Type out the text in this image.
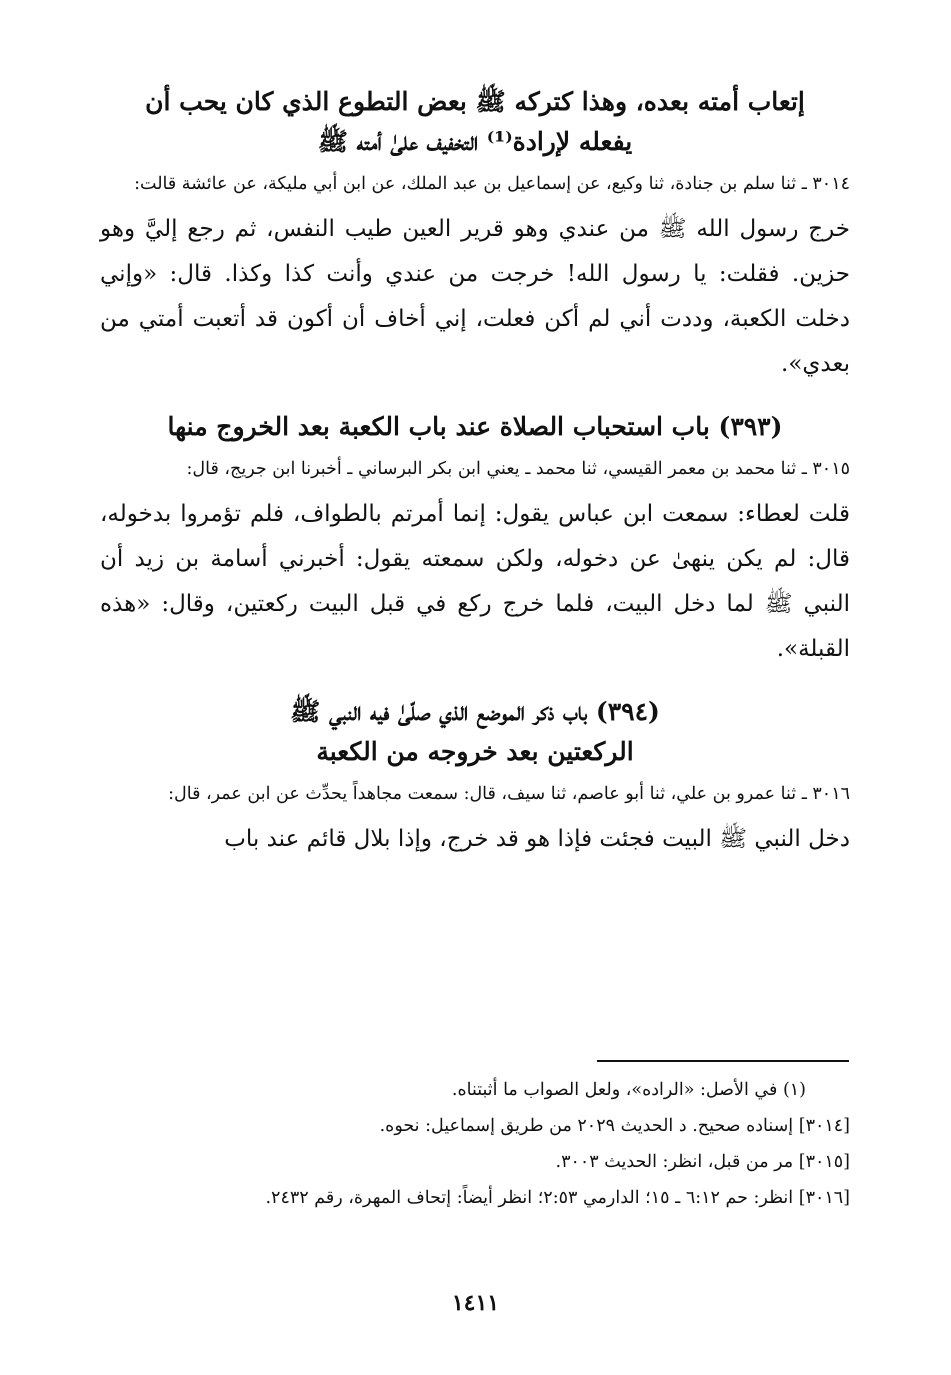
إتعاب أمته بعده، وهذا كتركه ﷺ بعض التطوع الذي كان يحب أن
يفعله لإرادة⁽¹⁾ التخفيف علىٰ أمته ﷺ

٣٠١٤ ـ ثنا سلم بن جنادة، ثنا وكيع، عن إسماعيل بن عبد الملك، عن ابن أبي مليكة، عن عائشة قالت:

خرج رسول الله ﷺ من عندي وهو قرير العين طيب النفس، ثم رجع إليَّ وهو حزين. فقلت: يا رسول الله! خرجت من عندي وأنت كذا وكذا. قال: «وإني دخلت الكعبة، وددت أني لم أكن فعلت، إني أخاف أن أكون قد أتعبت أمتي من بعدي».

(٣٩٣) باب استحباب الصلاة عند باب الكعبة بعد الخروج منها

٣٠١٥ ـ ثنا محمد بن معمر القيسي، ثنا محمد ـ يعني ابن بكر البرساني ـ أخبرنا ابن جريج، قال:

قلت لعطاء: سمعت ابن عباس يقول: إنما أمرتم بالطواف، فلم تؤمروا بدخوله، قال: لم يكن ينهىٰ عن دخوله، ولكن سمعته يقول: أخبرني أسامة بن زيد أن النبي ﷺ لما دخل البيت، فلما خرج ركع في قبل البيت ركعتين، وقال: «هذه القبلة».

(٣٩٤) باب ذكر الموضع الذي صلّىٰ فيه النبي ﷺ
الركعتين بعد خروجه من الكعبة

٣٠١٦ ـ ثنا عمرو بن علي، ثنا أبو عاصم، ثنا سيف، قال: سمعت مجاهداً يحدِّث عن ابن عمر، قال:

دخل النبي ﷺ البيت فجئت فإذا هو قد خرج، وإذا بلال قائم عند باب

(١) في الأصل: «الراده»، ولعل الصواب ما أثبتناه.

[٣٠١٤] إسناده صحيح. د الحديث ٢٠٢٩ من طريق إسماعيل: نحوه.

[٣٠١٥] مر من قبل، انظر: الحديث ٣٠٠٣.

[٣٠١٦] انظر: حم ٦:١٢ ـ ١٥؛ الدارمي ٢:٥٣؛ انظر أيضاً: إتحاف المهرة، رقم ٢٤٣٢.

١٤١١
